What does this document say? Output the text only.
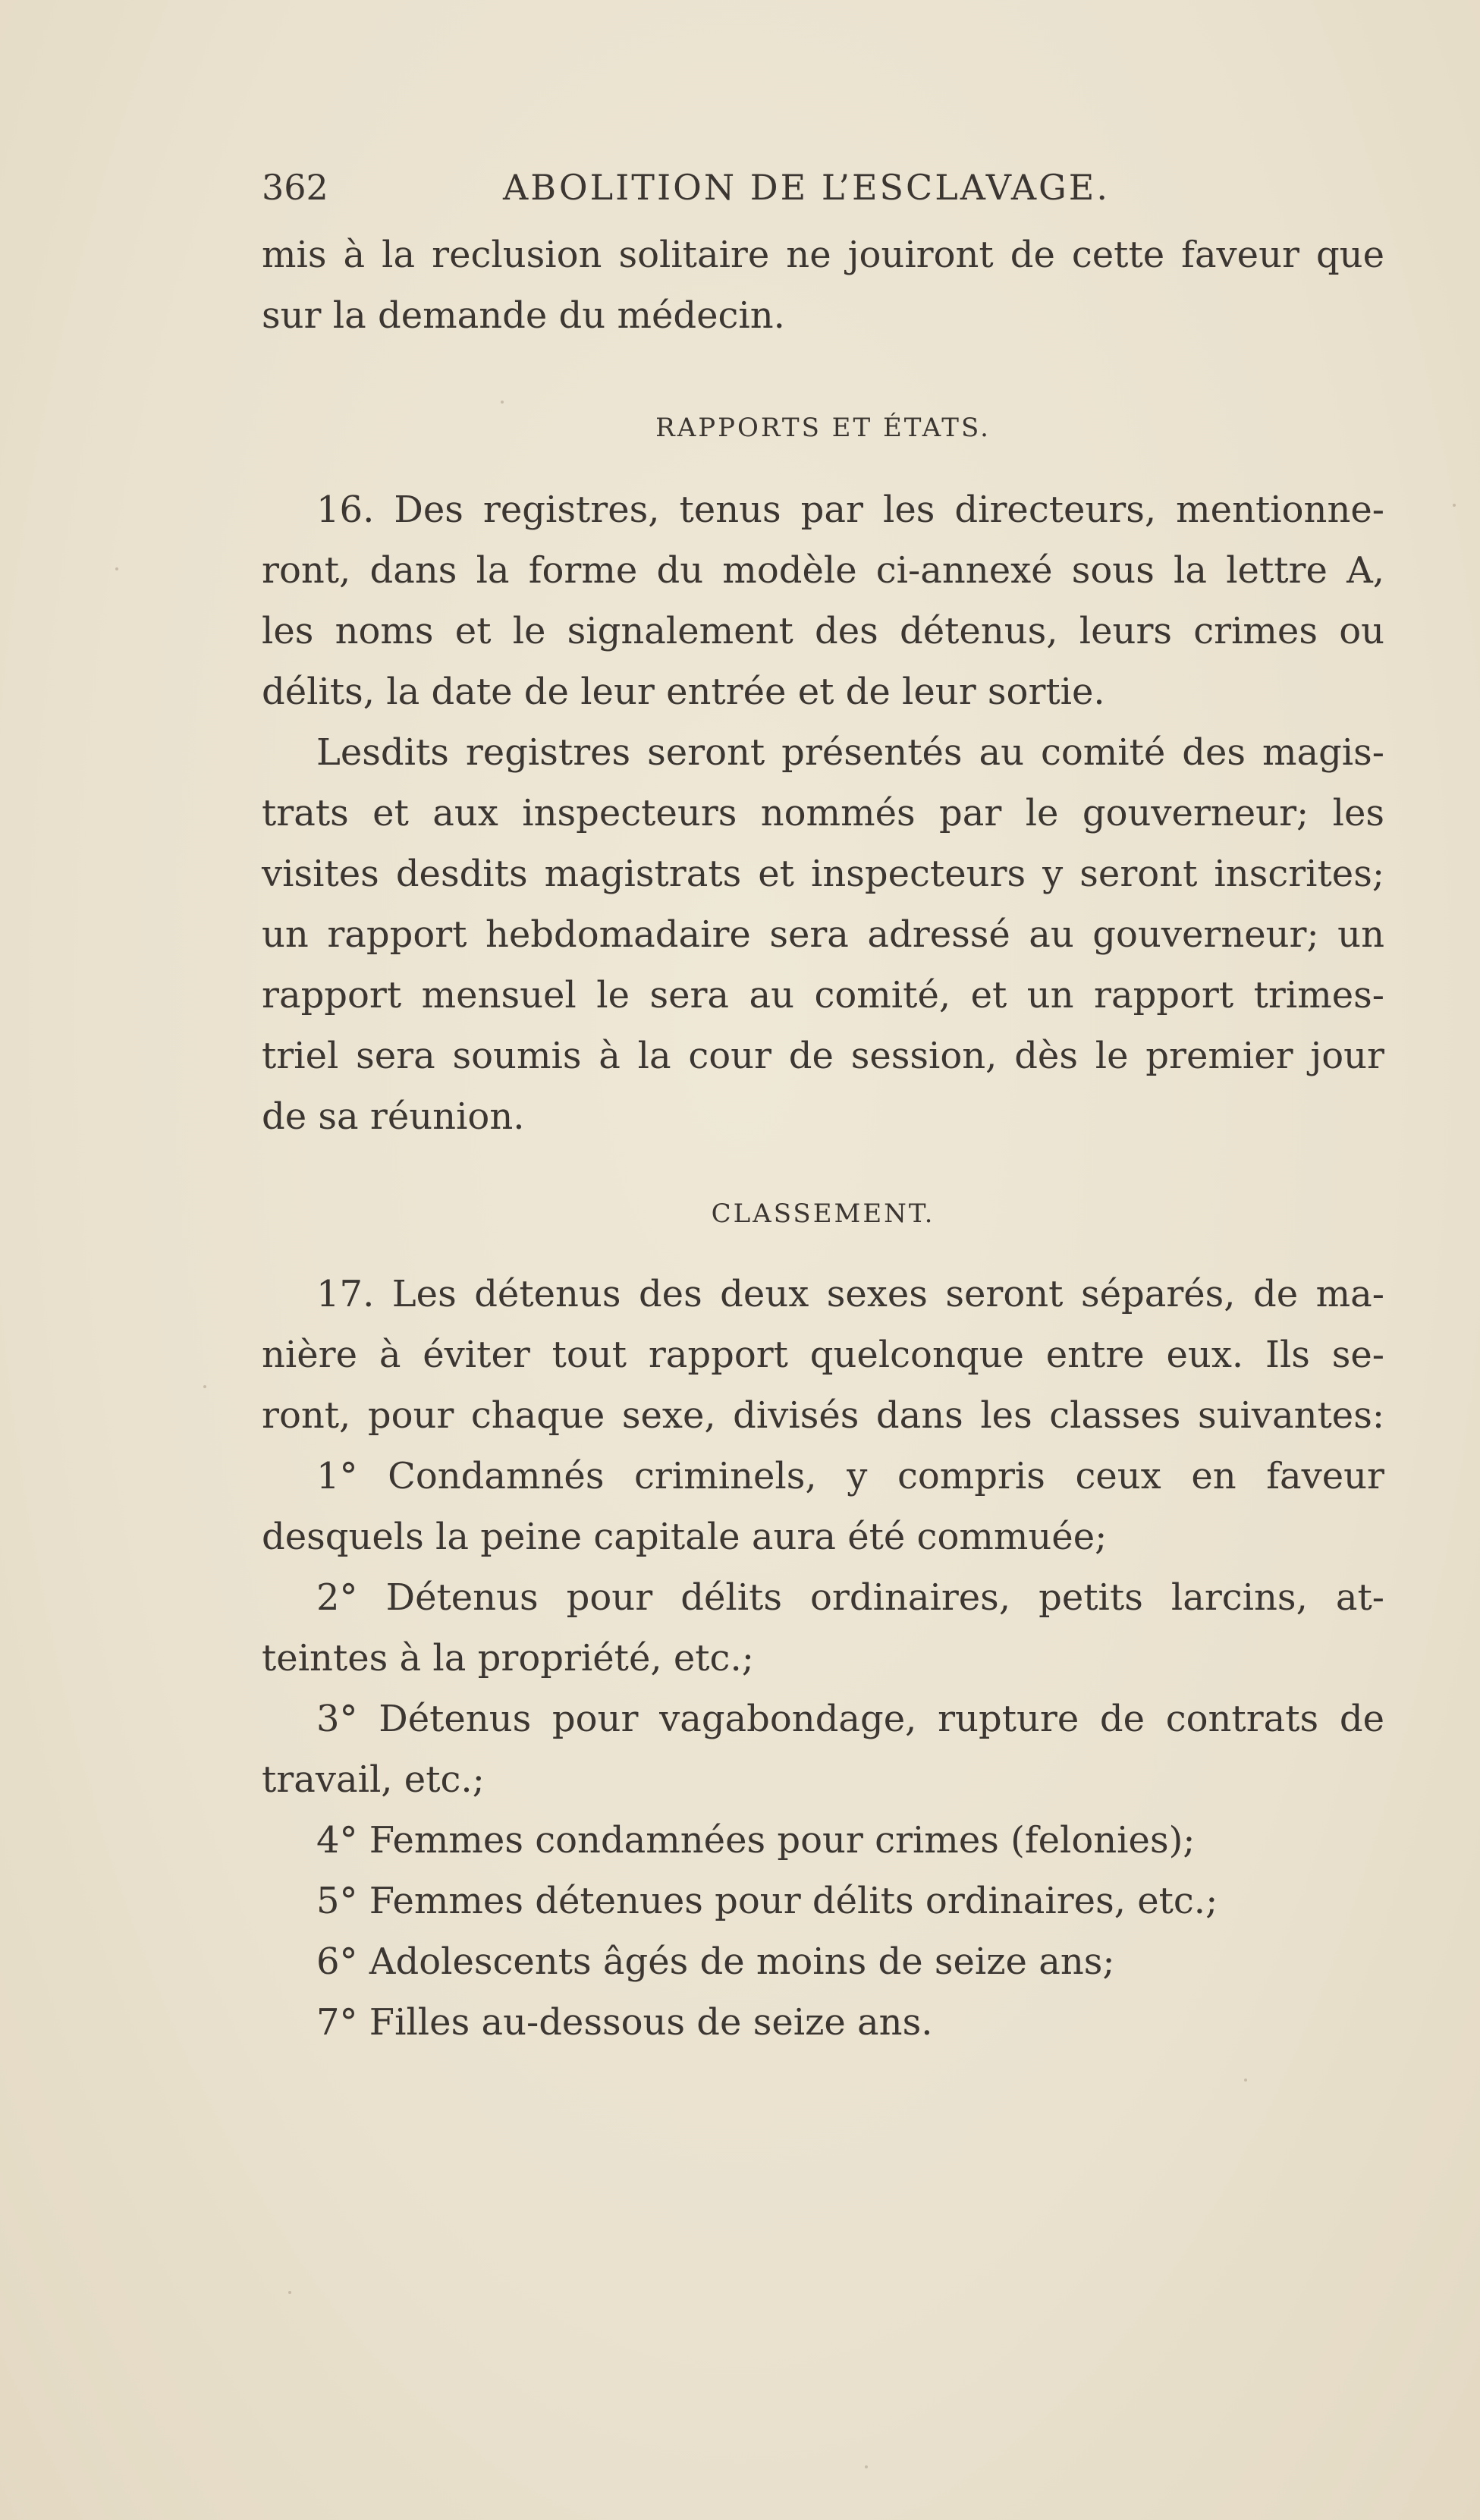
362	ABOLITION DE L’ESCLAVAGE.
mis à la reclusion solitaire ne jouiront de cette faveur que
sur la demande du médecin.
RAPPORTS ET ÉTATS.
16. Des registres, tenus par les directeurs, mentionne-
ront, dans la forme du modèle ci-annexé sous la lettre A,
les noms et le signalement des détenus, leurs crimes ou
délits, la date de leur entrée et de leur sortie.
Lesdits registres seront présentés au comité des magis-
trats et aux inspecteurs nommés par le gouverneur; les
visites desdits magistrats et inspecteurs y seront inscrites;
un rapport hebdomadaire sera adressé au gouverneur; un
rapport mensuel le sera au comité, et un rapport trimes-
triel sera soumis à la cour de session, dès le premier jour
de sa réunion.
CLASSEMENT.
17. Les détenus des deux sexes seront séparés, de ma-
nière à éviter tout rapport quelconque entre eux. Ils se-
ront, pour chaque sexe, divisés dans les classes suivantes:
1° Condamnés criminels, y compris ceux en faveur
desquels la peine capitale aura été commuée;
2° Détenus pour délits ordinaires, petits larcins, at-
teintes à la propriété, etc.;
3° Détenus pour vagabondage, rupture de contrats de
travail, etc.;
4° Femmes condamnées pour crimes (felonies);
5° Femmes détenues pour délits ordinaires, etc.;
6° Adolescents âgés de moins de seize ans;
7° Filles au-dessous de seize ans.
